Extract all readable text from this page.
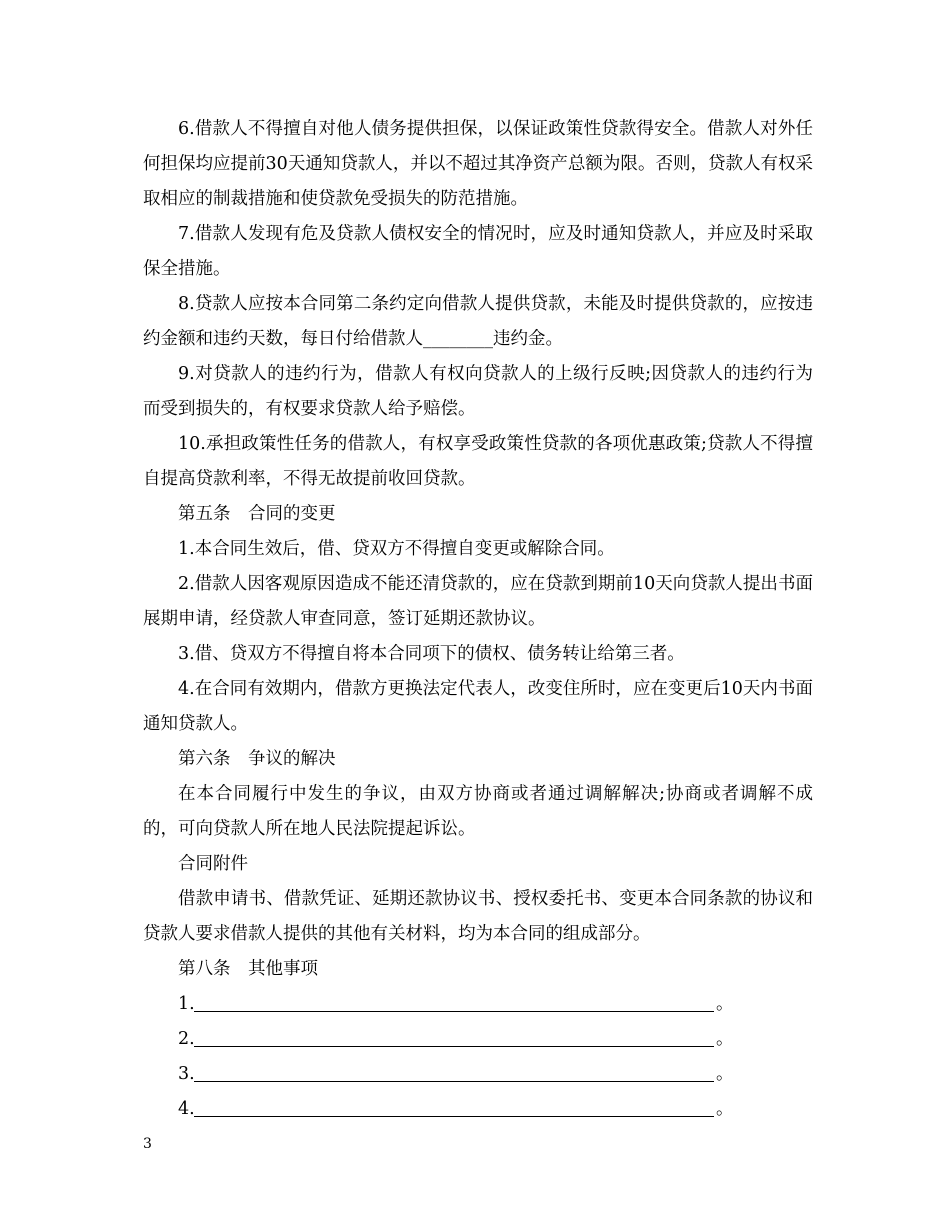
6.借款人不得擅自对他人债务提供担保，以保证政策性贷款得安全。借款人对外任何担保均应提前30天通知贷款人，并以不超过其净资产总额为限。否则，贷款人有权采取相应的制裁措施和使贷款免受损失的防范措施。

7.借款人发现有危及贷款人债权安全的情况时，应及时通知贷款人，并应及时采取保全措施。

8.贷款人应按本合同第二条约定向借款人提供贷款，未能及时提供贷款的，应按违约金额和违约天数，每日付给借款人________违约金。

9.对贷款人的违约行为，借款人有权向贷款人的上级行反映;因贷款人的违约行为而受到损失的，有权要求贷款人给予赔偿。

10.承担政策性任务的借款人，有权享受政策性贷款的各项优惠政策;贷款人不得擅自提高贷款利率，不得无故提前收回贷款。

第五条　合同的变更

1.本合同生效后，借、贷双方不得擅自变更或解除合同。

2.借款人因客观原因造成不能还清贷款的，应在贷款到期前10天向贷款人提出书面展期申请，经贷款人审查同意，签订延期还款协议。

3.借、贷双方不得擅自将本合同项下的债权、债务转让给第三者。

4.在合同有效期内，借款方更换法定代表人，改变住所时，应在变更后10天内书面通知贷款人。

第六条　争议的解决

在本合同履行中发生的争议，由双方协商或者通过调解解决;协商或者调解不成的，可向贷款人所在地人民法院提起诉讼。

合同附件

借款申请书、借款凭证、延期还款协议书、授权委托书、变更本合同条款的协议和贷款人要求借款人提供的其他有关材料，均为本合同的组成部分。

第八条　其他事项

1.	。

2.	。

3.	。

4.	。

3
